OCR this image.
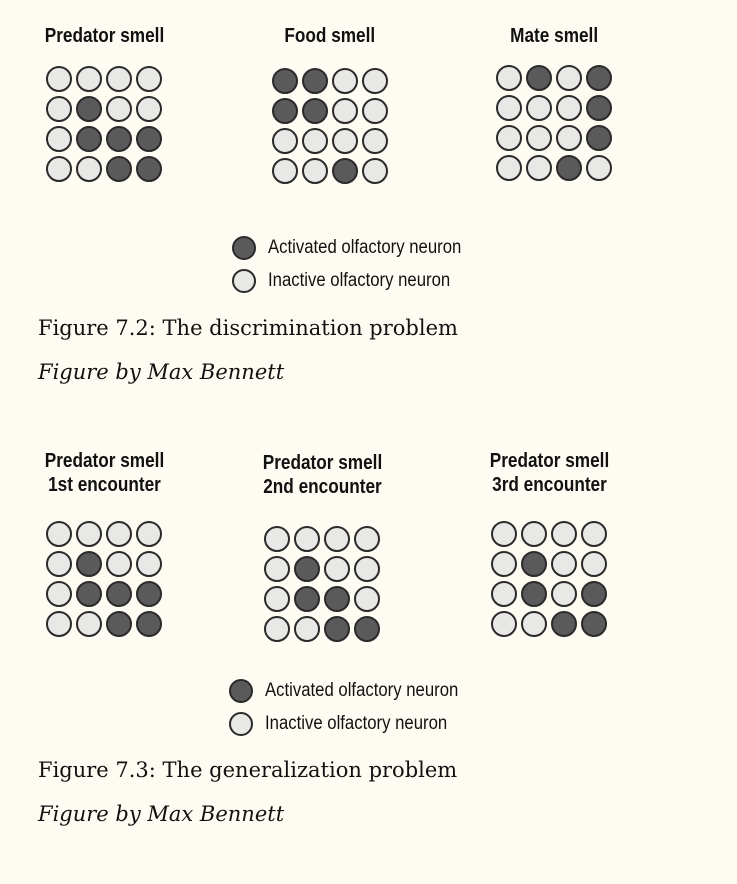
Predator smell	Food smell	Mate smell
Activated olfactory neuron
Inactive olfactory neuron
Figure 7.2: The discrimination problem
Figure by Max Bennett
Predator smell
1st encounter
Predator smell
2nd encounter
Predator smell
3rd encounter
Activated olfactory neuron
Inactive olfactory neuron
Figure 7.3: The generalization problem
Figure by Max Bennett
